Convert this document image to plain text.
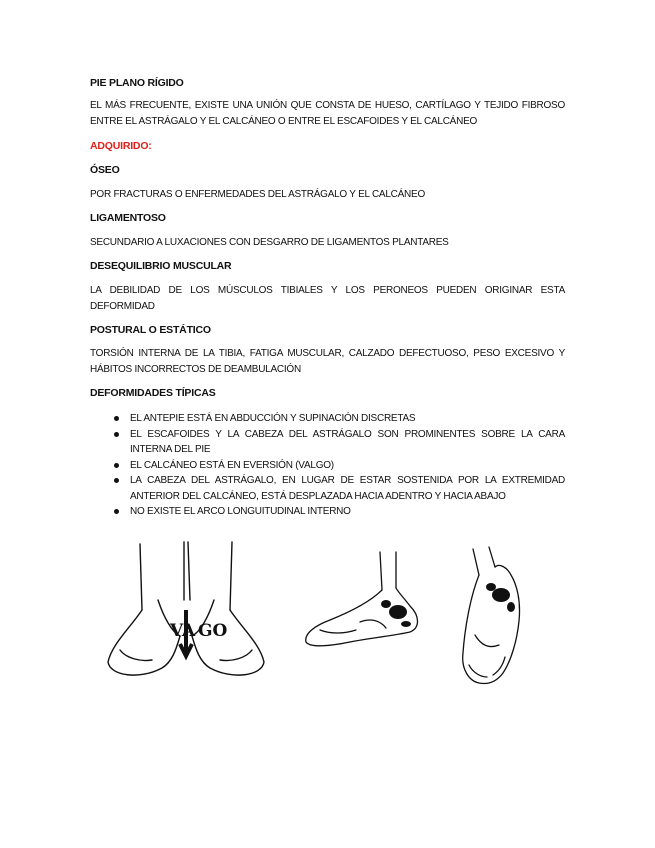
PIE PLANO RÍGIDO

EL MÁS FRECUENTE, EXISTE UNA UNIÓN QUE CONSTA DE HUESO, CARTÍLAGO Y TEJIDO FIBROSO ENTRE EL ASTRÁGALO Y EL CALCÁNEO O ENTRE EL ESCAFOIDES Y EL CALCÁNEO

ADQUIRIDO:

ÓSEO

POR FRACTURAS O ENFERMEDADES DEL ASTRÁGALO Y EL CALCÁNEO

LIGAMENTOSO

SECUNDARIO A LUXACIONES CON DESGARRO DE LIGAMENTOS PLANTARES

DESEQUILIBRIO MUSCULAR

LA DEBILIDAD DE LOS MÚSCULOS TIBIALES Y LOS PERONEOS PUEDEN ORIGINAR ESTA DEFORMIDAD

POSTURAL O ESTÁTICO

TORSIÓN INTERNA DE LA TIBIA, FATIGA MUSCULAR, CALZADO DEFECTUOSO, PESO EXCESIVO Y HÁBITOS INCORRECTOS DE DEAMBULACIÓN

DEFORMIDADES TÍPICAS

EL ANTEPIE ESTÁ EN ABDUCCIÓN Y SUPINACIÓN DISCRETAS
EL ESCAFOIDES Y LA CABEZA DEL ASTRÁGALO SON PROMINENTES SOBRE LA CARA INTERNA DEL PIE
EL CALCÁNEO ESTÁ EN EVERSIÓN (VALGO)
LA CABEZA DEL ASTRÁGALO, EN LUGAR DE ESTAR SOSTENIDA POR LA EXTREMIDAD ANTERIOR DEL CALCÁNEO, ESTÁ DESPLAZADA HACIA ADENTRO Y HACIA ABAJO
NO EXISTE EL ARCO LONGUITUDINAL INTERNO
VA GO
